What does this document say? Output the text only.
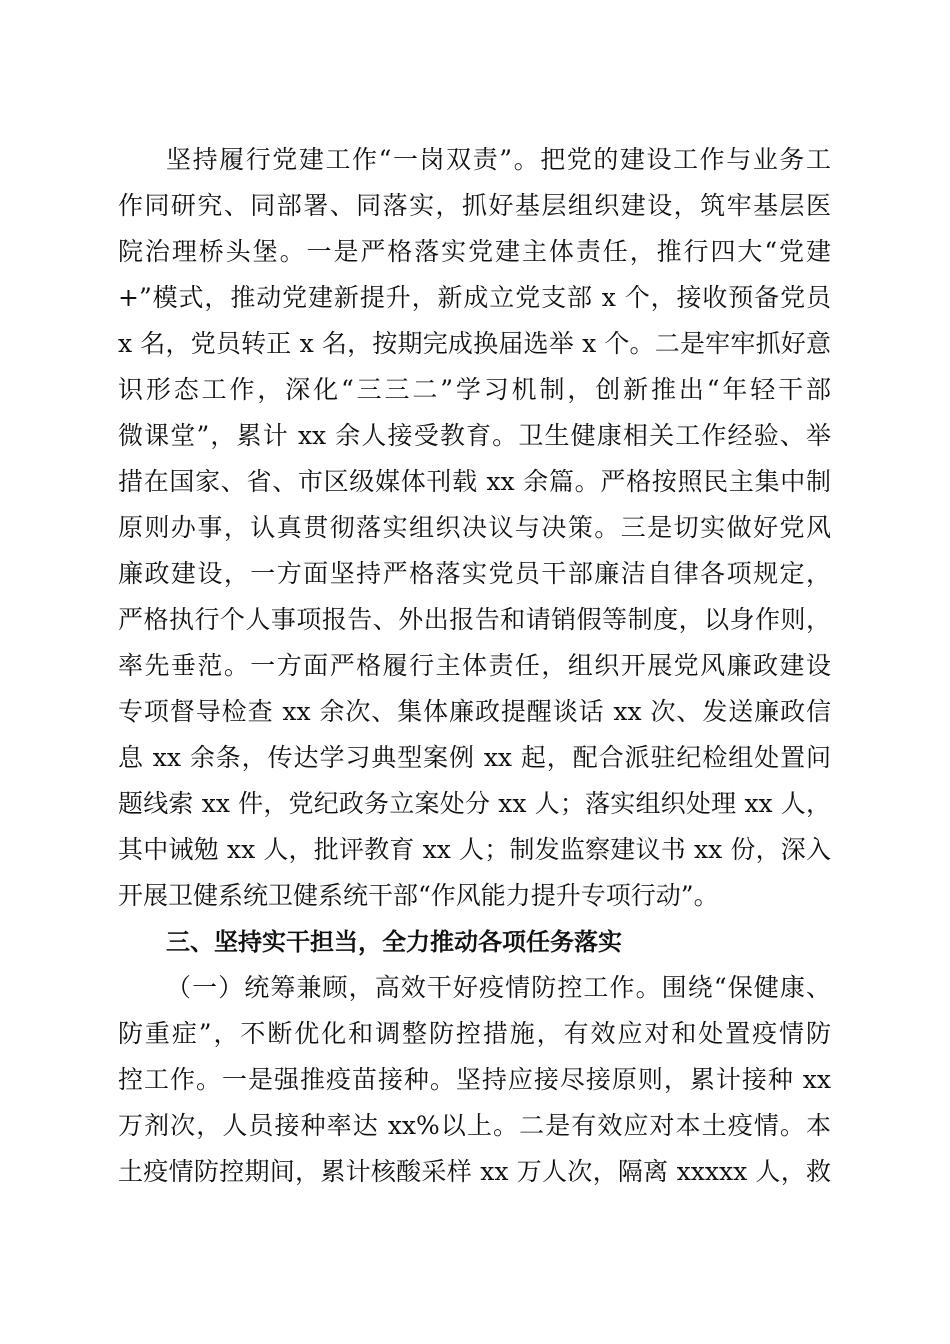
坚持履行党建工作“一岗双责”。把党的建设工作与业务工
作同研究、同部署、同落实，抓好基层组织建设，筑牢基层医
院治理桥头堡。一是严格落实党建主体责任，推行四大“党建
+”模式，推动党建新提升，新成立党支部 x 个，接收预备党员
x 名，党员转正 x 名，按期完成换届选举 x 个。二是牢牢抓好意
识形态工作，深化“三三二”学习机制，创新推出“年轻干部
微课堂”，累计 xx 余人接受教育。卫生健康相关工作经验、举
措在国家、省、市区级媒体刊载 xx 余篇。严格按照民主集中制
原则办事，认真贯彻落实组织决议与决策。三是切实做好党风
廉政建设，一方面坚持严格落实党员干部廉洁自律各项规定，
严格执行个人事项报告、外出报告和请销假等制度，以身作则，
率先垂范。一方面严格履行主体责任，组织开展党风廉政建设
专项督导检查 xx 余次、集体廉政提醒谈话 xx 次、发送廉政信
息 xx 余条，传达学习典型案例 xx 起，配合派驻纪检组处置问
题线索 xx 件，党纪政务立案处分 xx 人；落实组织处理 xx 人，
其中诫勉 xx 人，批评教育 xx 人；制发监察建议书 xx 份，深入
开展卫健系统卫健系统干部“作风能力提升专项行动”。
三、坚持实干担当，全力推动各项任务落实
（一）统筹兼顾，高效干好疫情防控工作。围绕“保健康、
防重症”，不断优化和调整防控措施，有效应对和处置疫情防
控工作。一是强推疫苗接种。坚持应接尽接原则，累计接种 xx
万剂次，人员接种率达 xx%以上。二是有效应对本土疫情。本
土疫情防控期间，累计核酸采样 xx 万人次，隔离 xxxxx 人，救
